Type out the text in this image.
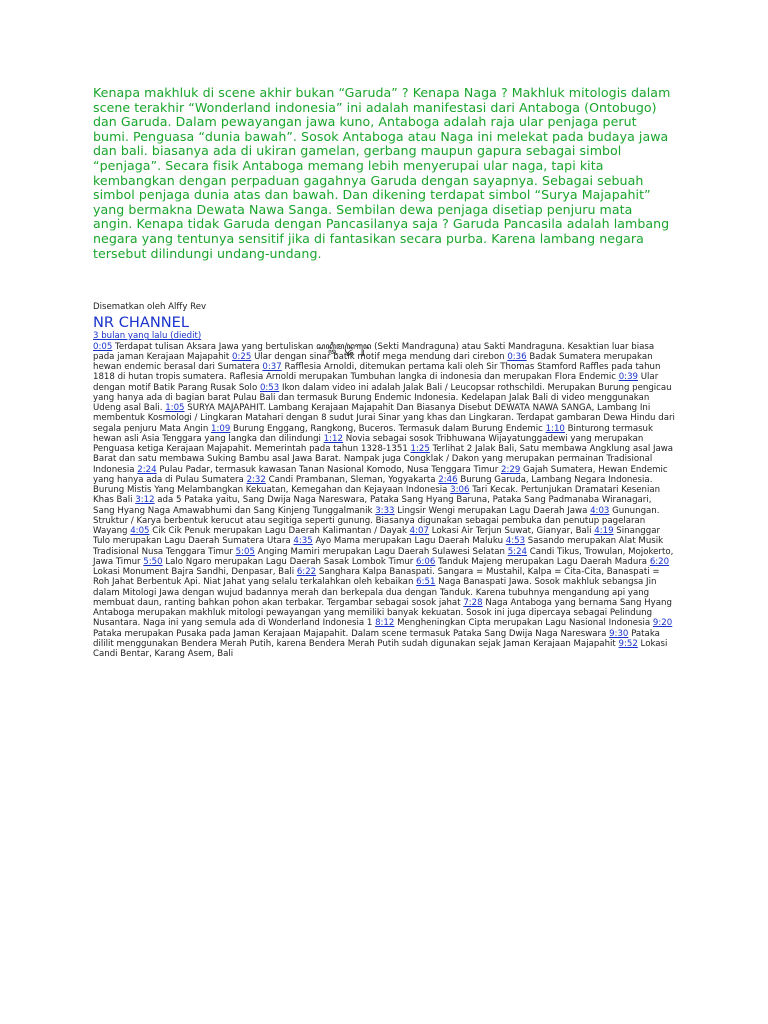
Kenapa makhluk di scene akhir bukan “Garuda” ? Kenapa Naga ? Makhluk mitologis dalam scene terakhir “Wonderland indonesia” ini adalah manifestasi dari Antaboga (Ontobugo) dan Garuda. Dalam pewayangan jawa kuno, Antaboga adalah raja ular penjaga perut bumi. Penguasa “dunia bawah”. Sosok Antaboga atau Naga ini melekat pada budaya jawa dan bali. biasanya ada di ukiran gamelan, gerbang maupun gapura sebagai simbol “penjaga”. Secara fisik Antaboga memang lebih menyerupai ular naga, tapi kita kembangkan dengan perpaduan gagahnya Garuda dengan sayapnya. Sebagai sebuah simbol penjaga dunia atas dan bawah. Dan dikening terdapat simbol “Surya Majapahit” yang bermakna Dewata Nawa Sanga. Sembilan dewa penjaga disetiap penjuru mata angin. Kenapa tidak Garuda dengan Pancasilanya saja ? Garuda Pancasila adalah lambang negara yang tentunya sensitif jika di fantasikan secara purba. Karena lambang negara tersebut dilindungi undang-undang.

Disematkan oleh Alffy Rev
NR CHANNEL
3 bulan yang lalu (diedit)

0:05 Terdapat tulisan Aksara Jawa yang bertuliskan ꦱꦏ꧀ꦠꦶꦩꦤ꧀ꦢꦿꦒꦸꦤ (Sekti Mandraguna) atau Sakti Mandraguna. Kesaktian luar biasa pada jaman Kerajaan Majapahit 0:25 Ular dengan sinar batik motif mega mendung dari cirebon 0:36 Badak Sumatera merupakan hewan endemic berasal dari Sumatera 0:37 Rafflesia Arnoldi, ditemukan pertama kali oleh Sir Thomas Stamford Raffles pada tahun 1818 di hutan tropis sumatera. Raflesia Arnoldi merupakan Tumbuhan langka di indonesia dan merupakan Flora Endemic 0:39 Ular dengan motif Batik Parang Rusak Solo 0:53 Ikon dalam video ini adalah Jalak Bali / Leucopsar rothschildi. Merupakan Burung pengicau yang hanya ada di bagian barat Pulau Bali dan termasuk Burung Endemic Indonesia. Kedelapan Jalak Bali di video menggunakan Udeng asal Bali. 1:05 SURYA MAJAPAHIT. Lambang Kerajaan Majapahit Dan Biasanya Disebut DEWATA NAWA SANGA, Lambang Ini membentuk Kosmologi / Lingkaran Matahari dengan 8 sudut Jurai Sinar yang khas dan Lingkaran. Terdapat gambaran Dewa Hindu dari segala penjuru Mata Angin 1:09 Burung Enggang, Rangkong, Buceros. Termasuk dalam Burung Endemic 1:10 Binturong termasuk hewan asli Asia Tenggara yang langka dan dilindungi 1:12 Novia sebagai sosok Tribhuwana Wijayatunggadewi yang merupakan Penguasa ketiga Kerajaan Majapahit. Memerintah pada tahun 1328-1351 1:25 Terlihat 2 Jalak Bali, Satu membawa Angklung asal Jawa Barat dan satu membawa Suking Bambu asal Jawa Barat. Nampak juga Congklak / Dakon yang merupakan permainan Tradisional Indonesia 2:24 Pulau Padar, termasuk kawasan Tanan Nasional Komodo, Nusa Tenggara Timur 2:29 Gajah Sumatera, Hewan Endemic yang hanya ada di Pulau Sumatera 2:32 Candi Prambanan, Sleman, Yogyakarta 2:46 Burung Garuda, Lambang Negara Indonesia. Burung Mistis Yang Melambangkan Kekuatan, Kemegahan dan Kejayaan Indonesia 3:06 Tari Kecak. Pertunjukan Dramatari Kesenian Khas Bali 3:12 ada 5 Pataka yaitu, Sang Dwija Naga Nareswara, Pataka Sang Hyang Baruna, Pataka Sang Padmanaba Wiranagari, Sang Hyang Naga Amawabhumi dan Sang Kinjeng Tunggalmanik 3:33 Lingsir Wengi merupakan Lagu Daerah Jawa 4:03 Gunungan. Struktur / Karya berbentuk kerucut atau segitiga seperti gunung. Biasanya digunakan sebagai pembuka dan penutup pagelaran Wayang 4:05 Cik Cik Penuk merupakan Lagu Daerah Kalimantan / Dayak 4:07 Lokasi Air Terjun Suwat, Gianyar, Bali 4:19 Sinanggar Tulo merupakan Lagu Daerah Sumatera Utara 4:35 Ayo Mama merupakan Lagu Daerah Maluku 4:53 Sasando merupakan Alat Musik Tradisional Nusa Tenggara Timur 5:05 Anging Mamiri merupakan Lagu Daerah Sulawesi Selatan 5:24 Candi Tikus, Trowulan, Mojokerto, Jawa Timur 5:50 Lalo Ngaro merupakan Lagu Daerah Sasak Lombok Timur 6:06 Tanduk Majeng merupakan Lagu Daerah Madura 6:20 Lokasi Monument Bajra Sandhi, Denpasar, Bali 6:22 Sanghara Kalpa Banaspati. Sangara = Mustahil, Kalpa = Cita-Cita, Banaspati = Roh Jahat Berbentuk Api. Niat Jahat yang selalu terkalahkan oleh kebaikan 6:51 Naga Banaspati Jawa. Sosok makhluk sebangsa Jin dalam Mitologi Jawa dengan wujud badannya merah dan berkepala dua dengan Tanduk. Karena tubuhnya mengandung api yang membuat daun, ranting bahkan pohon akan terbakar. Tergambar sebagai sosok jahat 7:28 Naga Antaboga yang bernama Sang Hyang Antaboga merupakan makhluk mitologi pewayangan yang memiliki banyak kekuatan. Sosok ini juga dipercaya sebagai Pelindung Nusantara. Naga ini yang semula ada di Wonderland Indonesia 1 8:12 Mengheningkan Cipta merupakan Lagu Nasional Indonesia 9:20 Pataka merupakan Pusaka pada Jaman Kerajaan Majapahit. Dalam scene termasuk Pataka Sang Dwija Naga Nareswara 9:30 Pataka dililit menggunakan Bendera Merah Putih, karena Bendera Merah Putih sudah digunakan sejak Jaman Kerajaan Majapahit 9:52 Lokasi Candi Bentar, Karang Asem, Bali
